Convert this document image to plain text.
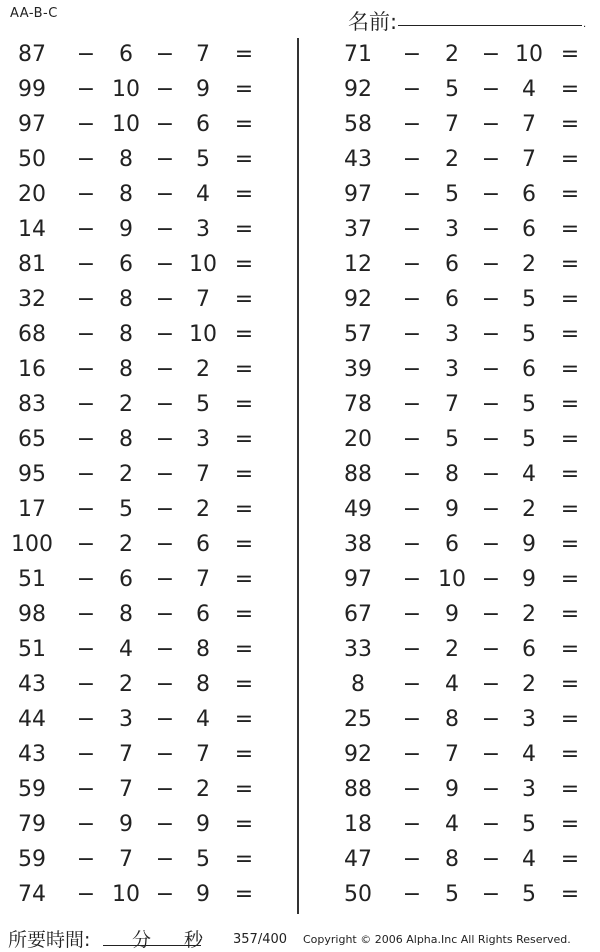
AA-B-C	名前:	.
87	−	6	− 7	=
99	− 10 − 9	=
97	− 10 − 6	=
50	−	8	− 5	=
20	−	8	− 4	=
14	−	9	− 3	=
81	−	6	− 10 =
32	−	8	− 7	=
68	−	8	− 10 =
16	−	8	− 2	=
83	−	2	− 5	=
65	−	8	− 3	=
95	−	2	− 7	=
17	−	5	− 2	=
100	−	2	− 6	=
51	−	6	− 7	=
98	−	8	− 6	=
51	−	4	− 8	=
43	−	2	− 8	=
44	−	3	− 4	=
43	−	7	− 7	=
59	−	7	− 2	=
79	−	9	− 9	=
59	−	7	− 5	=
74	− 10 − 9	=
71	−	2	− 10 =
92	−	5	− 4	=
58	−	7	− 7	=
43	−	2	− 7	=
97	−	5	− 6	=
37	−	3	− 6	=
12	−	6	− 2	=
92	−	6	− 5	=
57	−	3	− 5	=
39	−	3	− 6	=
78	−	7	− 5	=
20	−	5	− 5	=
88	−	8	− 4	=
49	−	9	− 2	=
38	−	6	− 9	=
97	− 10 − 9	=
67	−	9	− 2	=
33	−	2	− 6	=
8	−	4	− 2	=
25	−	8	− 3	=
92	−	7	− 4	=
88	−	9	− 3	=
18	−	4	− 5	=
47	−	8	− 4	=
50	−	5	− 5	=
所要時間: 分 秒 357/400 Copyright © 2006 Alpha.Inc All Rights Reserved.
